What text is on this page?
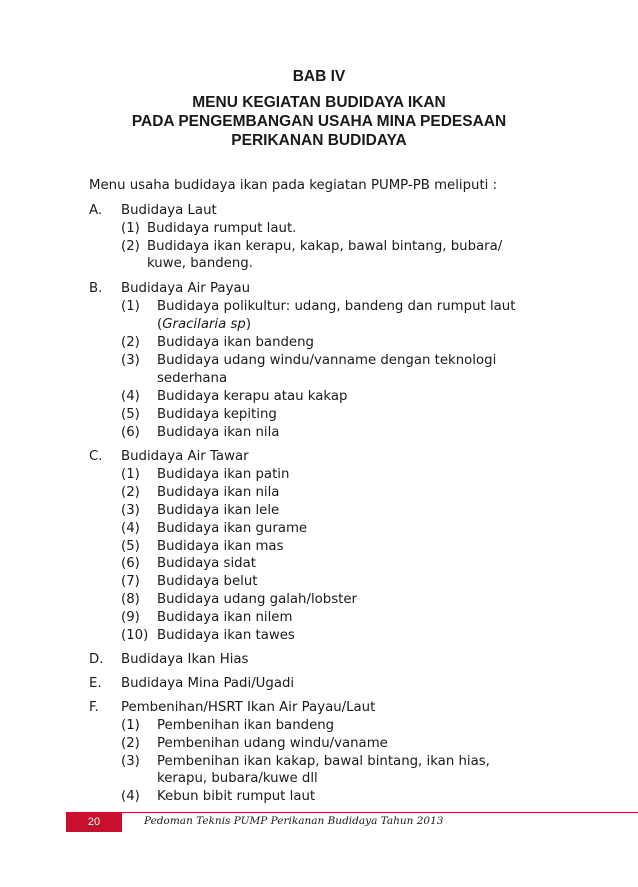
BAB IV
MENU KEGIATAN BUDIDAYA IKAN
PADA PENGEMBANGAN USAHA MINA PEDESAAN
PERIKANAN BUDIDAYA
Menu usaha budidaya ikan pada kegiatan PUMP-PB meliputi :
A. Budidaya Laut
(1) Budidaya rumput laut.
(2) Budidaya ikan kerapu, kakap, bawal bintang, bubara/
kuwe, bandeng.
B. Budidaya Air Payau
(1) Budidaya polikultur: udang, bandeng dan rumput laut
(Gracilaria sp)
(2) Budidaya ikan bandeng
(3) Budidaya udang windu/vanname dengan teknologi
sederhana
(4) Budidaya kerapu atau kakap
(5) Budidaya kepiting
(6) Budidaya ikan nila
C. Budidaya Air Tawar
(1) Budidaya ikan patin
(2) Budidaya ikan nila
(3) Budidaya ikan lele
(4) Budidaya ikan gurame
(5) Budidaya ikan mas
(6) Budidaya sidat
(7) Budidaya belut
(8) Budidaya udang galah/lobster
(9) Budidaya ikan nilem
(10) Budidaya ikan tawes
D. Budidaya Ikan Hias
E. Budidaya Mina Padi/Ugadi
F. Pembenihan/HSRT Ikan Air Payau/Laut
(1) Pembenihan ikan bandeng
(2) Pembenihan udang windu/vaname
(3) Pembenihan ikan kakap, bawal bintang, ikan hias,
kerapu, bubara/kuwe dll
(4) Kebun bibit rumput laut
20	Pedoman Teknis PUMP Perikanan Budidaya Tahun 2013
